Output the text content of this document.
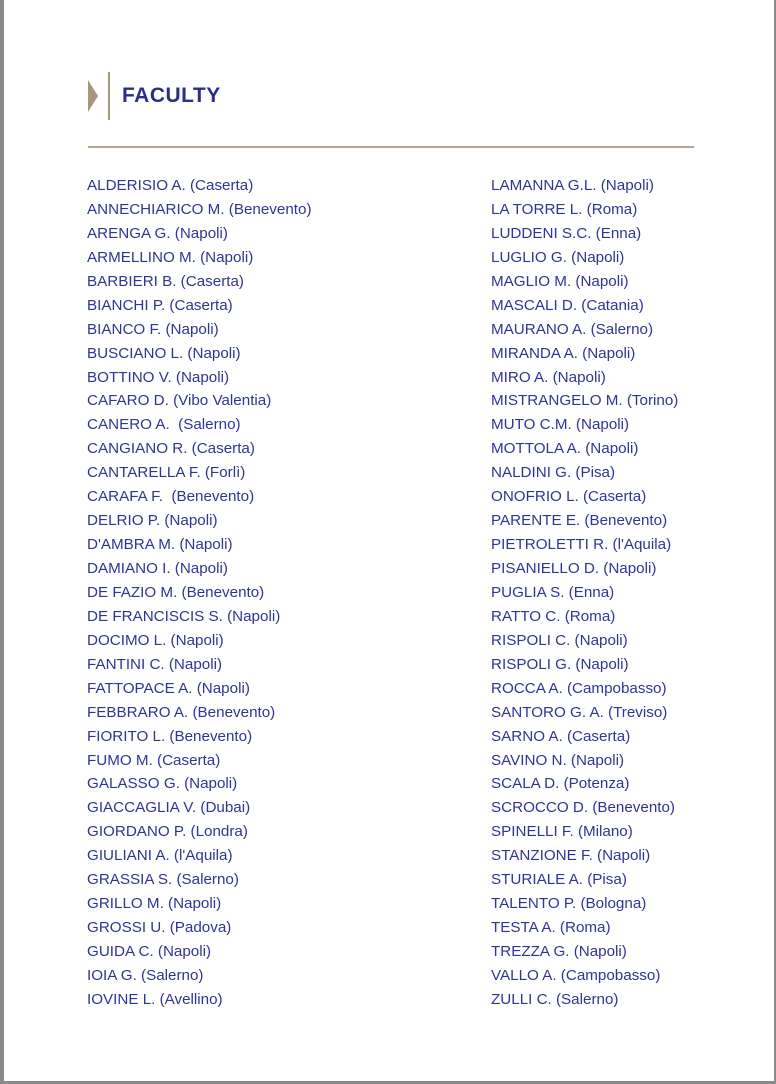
FACULTY
ALDERISIO A. (Caserta)
ANNECHIARICO M. (Benevento)
ARENGA G. (Napoli)
ARMELLINO M. (Napoli)
BARBIERI B. (Caserta)
BIANCHI P. (Caserta)
BIANCO F. (Napoli)
BUSCIANO L. (Napoli)
BOTTINO V. (Napoli)
CAFARO D. (Vibo Valentia)
CANERO A.  (Salerno)
CANGIANO R. (Caserta)
CANTARELLA F. (Forlì)
CARAFA F.  (Benevento)
DELRIO P. (Napoli)
D'AMBRA M. (Napoli)
DAMIANO I. (Napoli)
DE FAZIO M. (Benevento)
DE FRANCISCIS S. (Napoli)
DOCIMO L. (Napoli)
FANTINI C. (Napoli)
FATTOPACE A. (Napoli)
FEBBRARO A. (Benevento)
FIORITO L. (Benevento)
FUMO M. (Caserta)
GALASSO G. (Napoli)
GIACCAGLIA V. (Dubai)
GIORDANO P. (Londra)
GIULIANI A. (l'Aquila)
GRASSIA S. (Salerno)
GRILLO M. (Napoli)
GROSSI U. (Padova)
GUIDA C. (Napoli)
IOIA G. (Salerno)
IOVINE L. (Avellino)
LAMANNA G.L. (Napoli)
LA TORRE L. (Roma)
LUDDENI S.C. (Enna)
LUGLIO G. (Napoli)
MAGLIO M. (Napoli)
MASCALI D. (Catania)
MAURANO A. (Salerno)
MIRANDA A. (Napoli)
MIRO A. (Napoli)
MISTRANGELO M. (Torino)
MUTO C.M. (Napoli)
MOTTOLA A. (Napoli)
NALDINI G. (Pisa)
ONOFRIO L. (Caserta)
PARENTE E. (Benevento)
PIETROLETTI R. (l'Aquila)
PISANIELLO D. (Napoli)
PUGLIA S. (Enna)
RATTO C. (Roma)
RISPOLI C. (Napoli)
RISPOLI G. (Napoli)
ROCCA A. (Campobasso)
SANTORO G. A. (Treviso)
SARNO A. (Caserta)
SAVINO N. (Napoli)
SCALA D. (Potenza)
SCROCCO D. (Benevento)
SPINELLI F. (Milano)
STANZIONE F. (Napoli)
STURIALE A. (Pisa)
TALENTO P. (Bologna)
TESTA A. (Roma)
TREZZA G. (Napoli)
VALLO A. (Campobasso)
ZULLI C. (Salerno)
